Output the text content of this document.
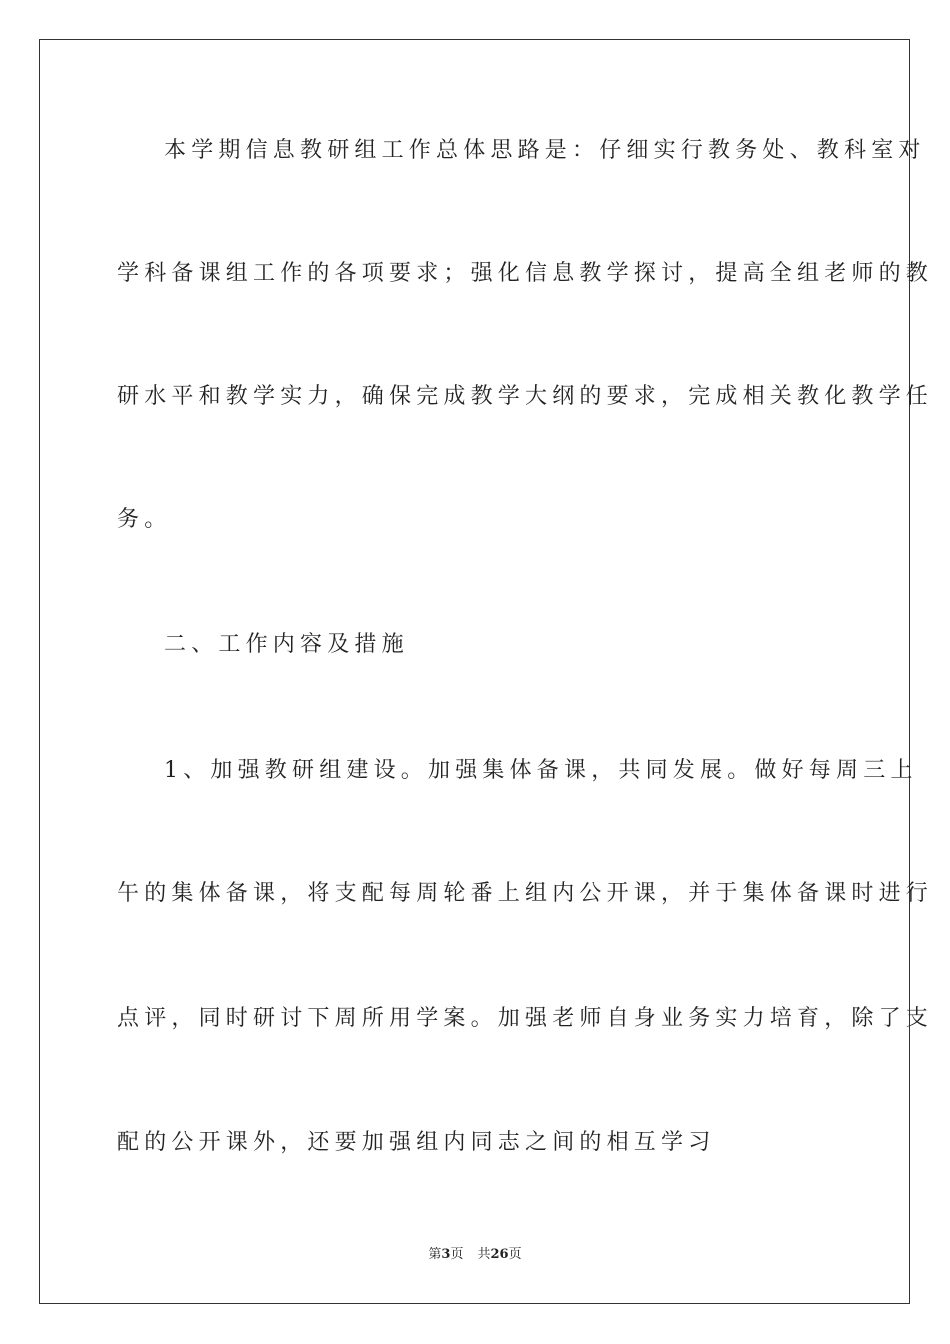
本学期信息教研组工作总体思路是：仔细实行教务处、教科室对
学科备课组工作的各项要求；强化信息教学探讨，提高全组老师的教
研水平和教学实力，确保完成教学大纲的要求，完成相关教化教学任
务。
二、工作内容及措施
1、加强教研组建设。加强集体备课，共同发展。做好每周三上
午的集体备课，将支配每周轮番上组内公开课，并于集体备课时进行
点评，同时研讨下周所用学案。加强老师自身业务实力培育，除了支
配的公开课外，还要加强组内同志之间的相互学习
第3页 共26页
